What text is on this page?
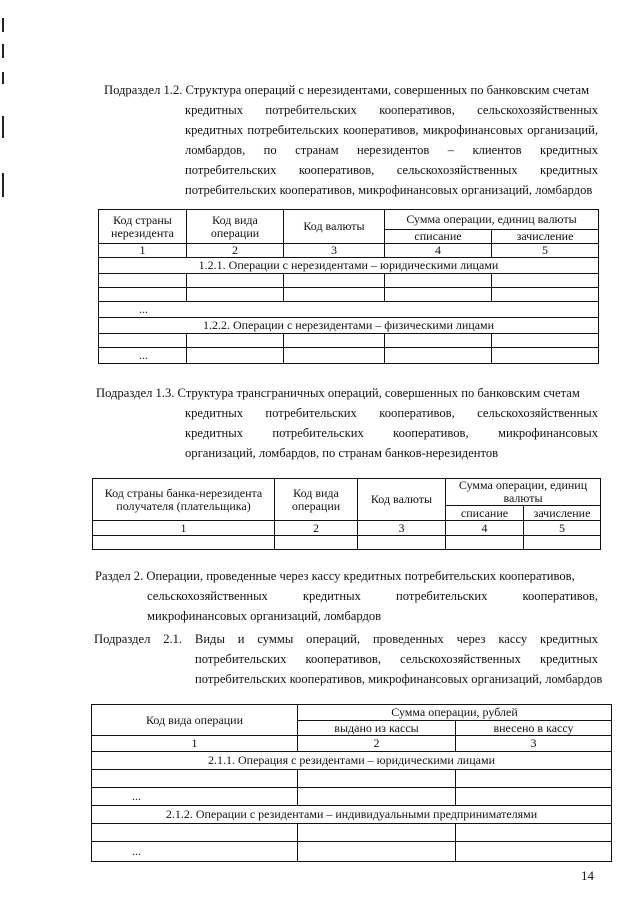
Подраздел 1.2. Структура операций с нерезидентами, совершенных по банковским счетам
кредитных потребительских кооперативов, сельскохозяйственных
кредитных потребительских кооперативов, микрофинансовых организаций,
ломбардов, по странам нерезидентов – клиентов кредитных
потребительских кооперативов, сельскохозяйственных кредитных
потребительских кооперативов, микрофинансовых организаций, ломбардов
Код страны нерезидента	Код вида операции	Код валюты	Сумма операции, единиц валюты	
			списание	зачисление
1	2	3	4	5
1.2.1. Операции с нерезидентами – юридическими лицами				

...				
1.2.2. Операции с нерезидентами – физическими лицами				

...				
Подраздел 1.3. Структура трансграничных операций, совершенных по банковским счетам
кредитных потребительских кооперативов, сельскохозяйственных
кредитных потребительских кооперативов, микрофинансовых
организаций, ломбардов, по странам банков-нерезидентов
Код страны банка-нерезидента получателя (плательщика)	Код вида операции	Код валюты	Сумма операции, единиц валюты	
			списание	зачисление
1	2	3	4	5

Раздел 2. Операции, проведенные через кассу кредитных потребительских кооперативов,
сельскохозяйственных кредитных потребительских кооперативов,
микрофинансовых организаций, ломбардов
Подраздел 2.1. Виды и суммы операций, проведенных через кассу кредитных
потребительских кооперативов, сельскохозяйственных кредитных
потребительских кооперативов, микрофинансовых организаций, ломбардов
Код вида операции	Сумма операции, рублей	
	выдано из кассы	внесено в кассу
1	2	3
2.1.1. Операция с резидентами – юридическими лицами		

...		
2.1.2. Операции с резидентами – индивидуальными предпринимателями		

...		
14
